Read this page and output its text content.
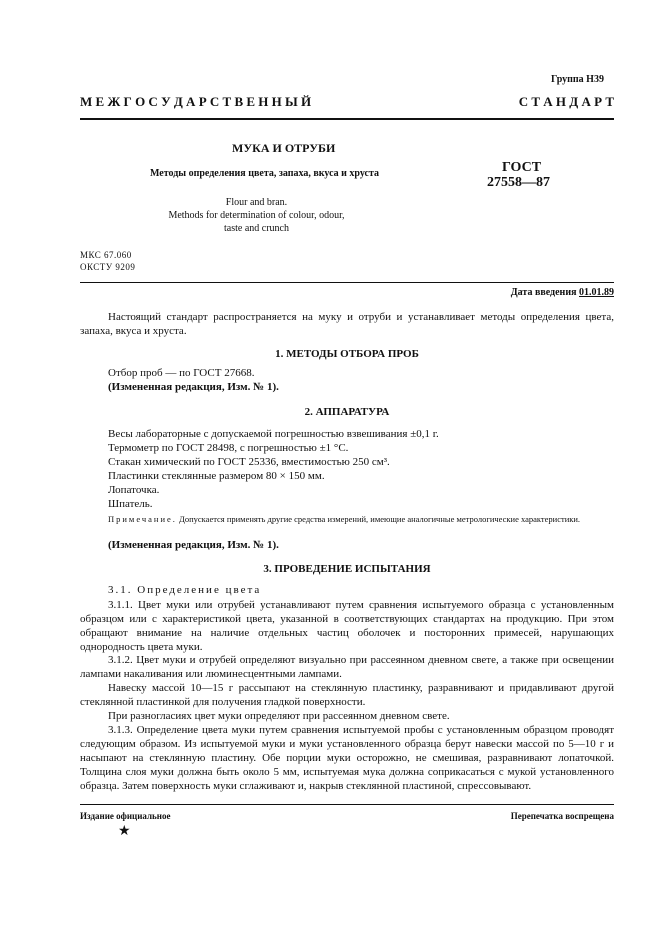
Группа Н39
М Е Ж Г О С У Д А Р С Т В Е Н Н Ы Й	С Т А Н Д А Р Т
МУКА И ОТРУБИ
Методы определения цвета, запаха, вкуса и хруста	ГОСТ
27558—87
Flour and bran.
Methods for determination of colour, odour,
taste and crunch
МКС 67.060
ОКСТУ 9209
Дата введения 01.01.89
Настоящий стандарт распространяется на муку и отруби и устанавливает методы определения цвета, запаха, вкуса и хруста.
1. МЕТОДЫ ОТБОРА ПРОБ
Отбор проб — по ГОСТ 27668.
(Измененная редакция, Изм. № 1).
2. АППАРАТУРА
Весы лабораторные с допускаемой погрешностью взвешивания ±0,1 г.
Термометр по ГОСТ 28498, с погрешностью ±1 °С.
Стакан химический по ГОСТ 25336, вместимостью 250 см³.
Пластинки стеклянные размером 80 × 150 мм.
Лопаточка.
Шпатель.
Примечание. Допускается применять другие средства измерений, имеющие аналогичные метрологические характеристики.
(Измененная редакция, Изм. № 1).
3. ПРОВЕДЕНИЕ ИСПЫТАНИЯ
3.1. Определение цвета
3.1.1. Цвет муки или отрубей устанавливают путем сравнения испытуемого образца с установленным образцом или с характеристикой цвета, указанной в соответствующих стандартах на продукцию. При этом обращают внимание на наличие отдельных частиц оболочек и посторонних примесей, нарушающих однородность цвета муки.
3.1.2. Цвет муки и отрубей определяют визуально при рассеянном дневном свете, а также при освещении лампами накаливания или люминесцентными лампами.
Навеску массой 10—15 г рассыпают на стеклянную пластинку, разравнивают и придавливают другой стеклянной пластинкой для получения гладкой поверхности.
При разногласиях цвет муки определяют при рассеянном дневном свете.
3.1.3. Определение цвета муки путем сравнения испытуемой пробы с установленным образцом проводят следующим образом. Из испытуемой муки и муки установленного образца берут навески массой по 5—10 г и насыпают на стеклянную пластину. Обе порции муки осторожно, не смешивая, разравнивают лопаточкой. Толщина слоя муки должна быть около 5 мм, испытуемая мука должна соприкасаться с мукой установленного образца. Затем поверхность муки сглаживают и, накрыв стеклянной пластиной, спрессовывают.
Издание официальное	Перепечатка воспрещена
★
